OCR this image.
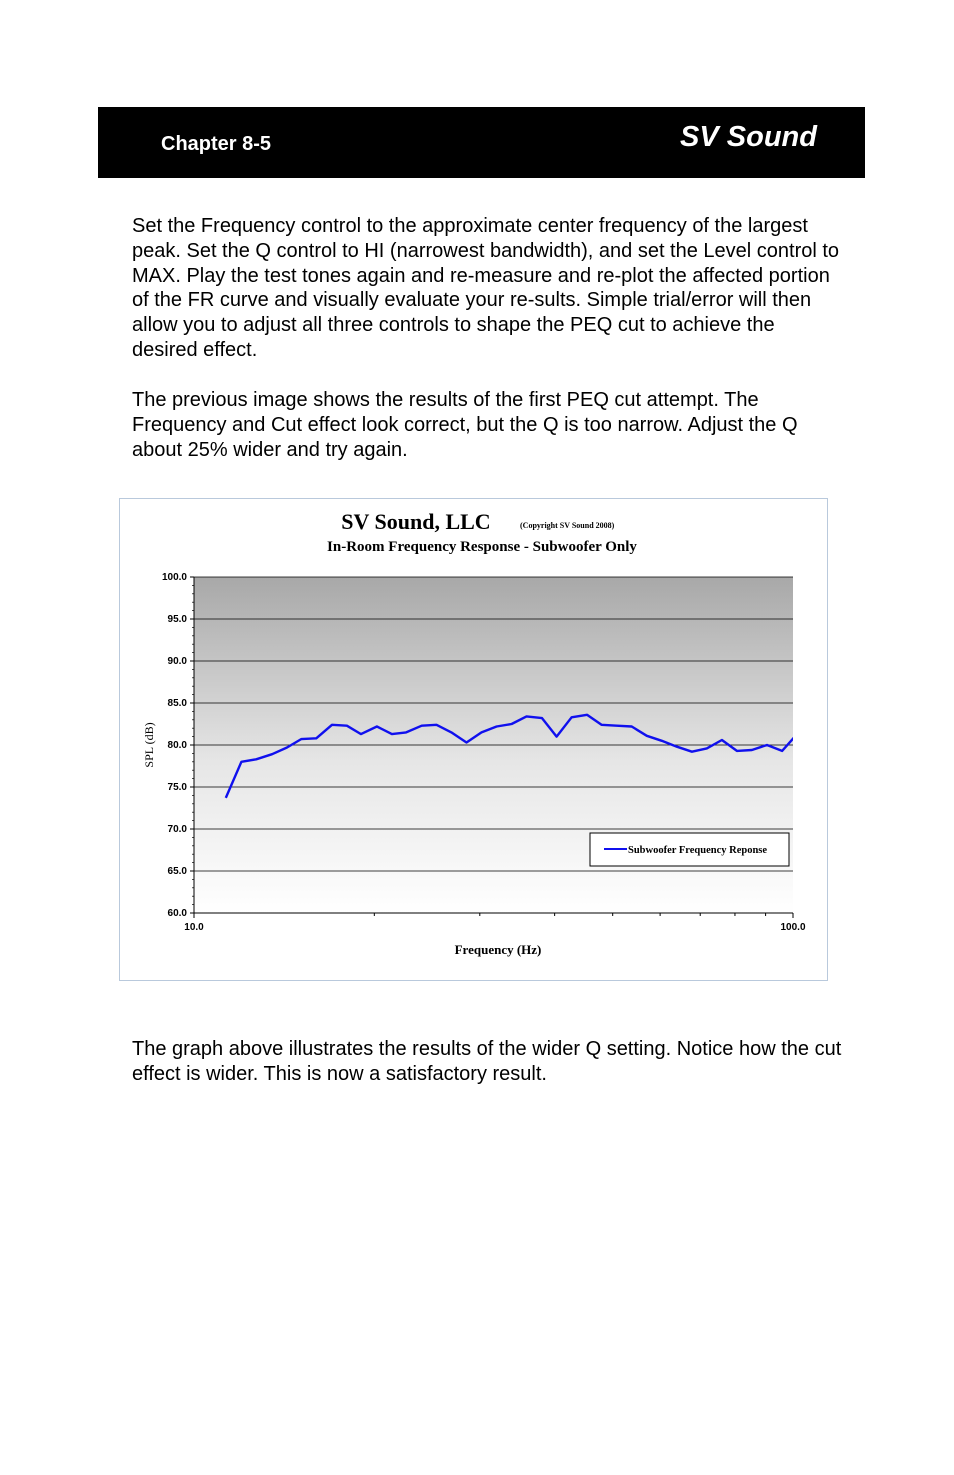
Chapter 8-5	SV Sound

Set the Frequency control to the approximate center frequency of the largest peak. Set the Q control to HI (narrowest bandwidth), and set the Level control to MAX. Play the test tones again and re-measure and re-plot the affected portion of the FR curve and visually evaluate your re-sults. Simple trial/error will then allow you to adjust all three controls to shape the PEQ cut to achieve the desired effect.

The previous image shows the results of the first PEQ cut attempt. The Frequency and Cut effect look correct, but the Q is too narrow. Adjust the Q about 25% wider and try again.

SV Sound, LLC	(Copyright SV Sound 2008)
In-Room Frequency Response - Subwoofer Only
60.0
65.0
70.0
75.0
80.0
85.0
90.0
95.0
100.0
10.0	100.0
Subwoofer Frequency Reponse
Frequency (Hz)
SPL (dB)

The graph above illustrates the results of the wider Q setting. Notice how the cut effect is wider. This is now a satisfactory result.
